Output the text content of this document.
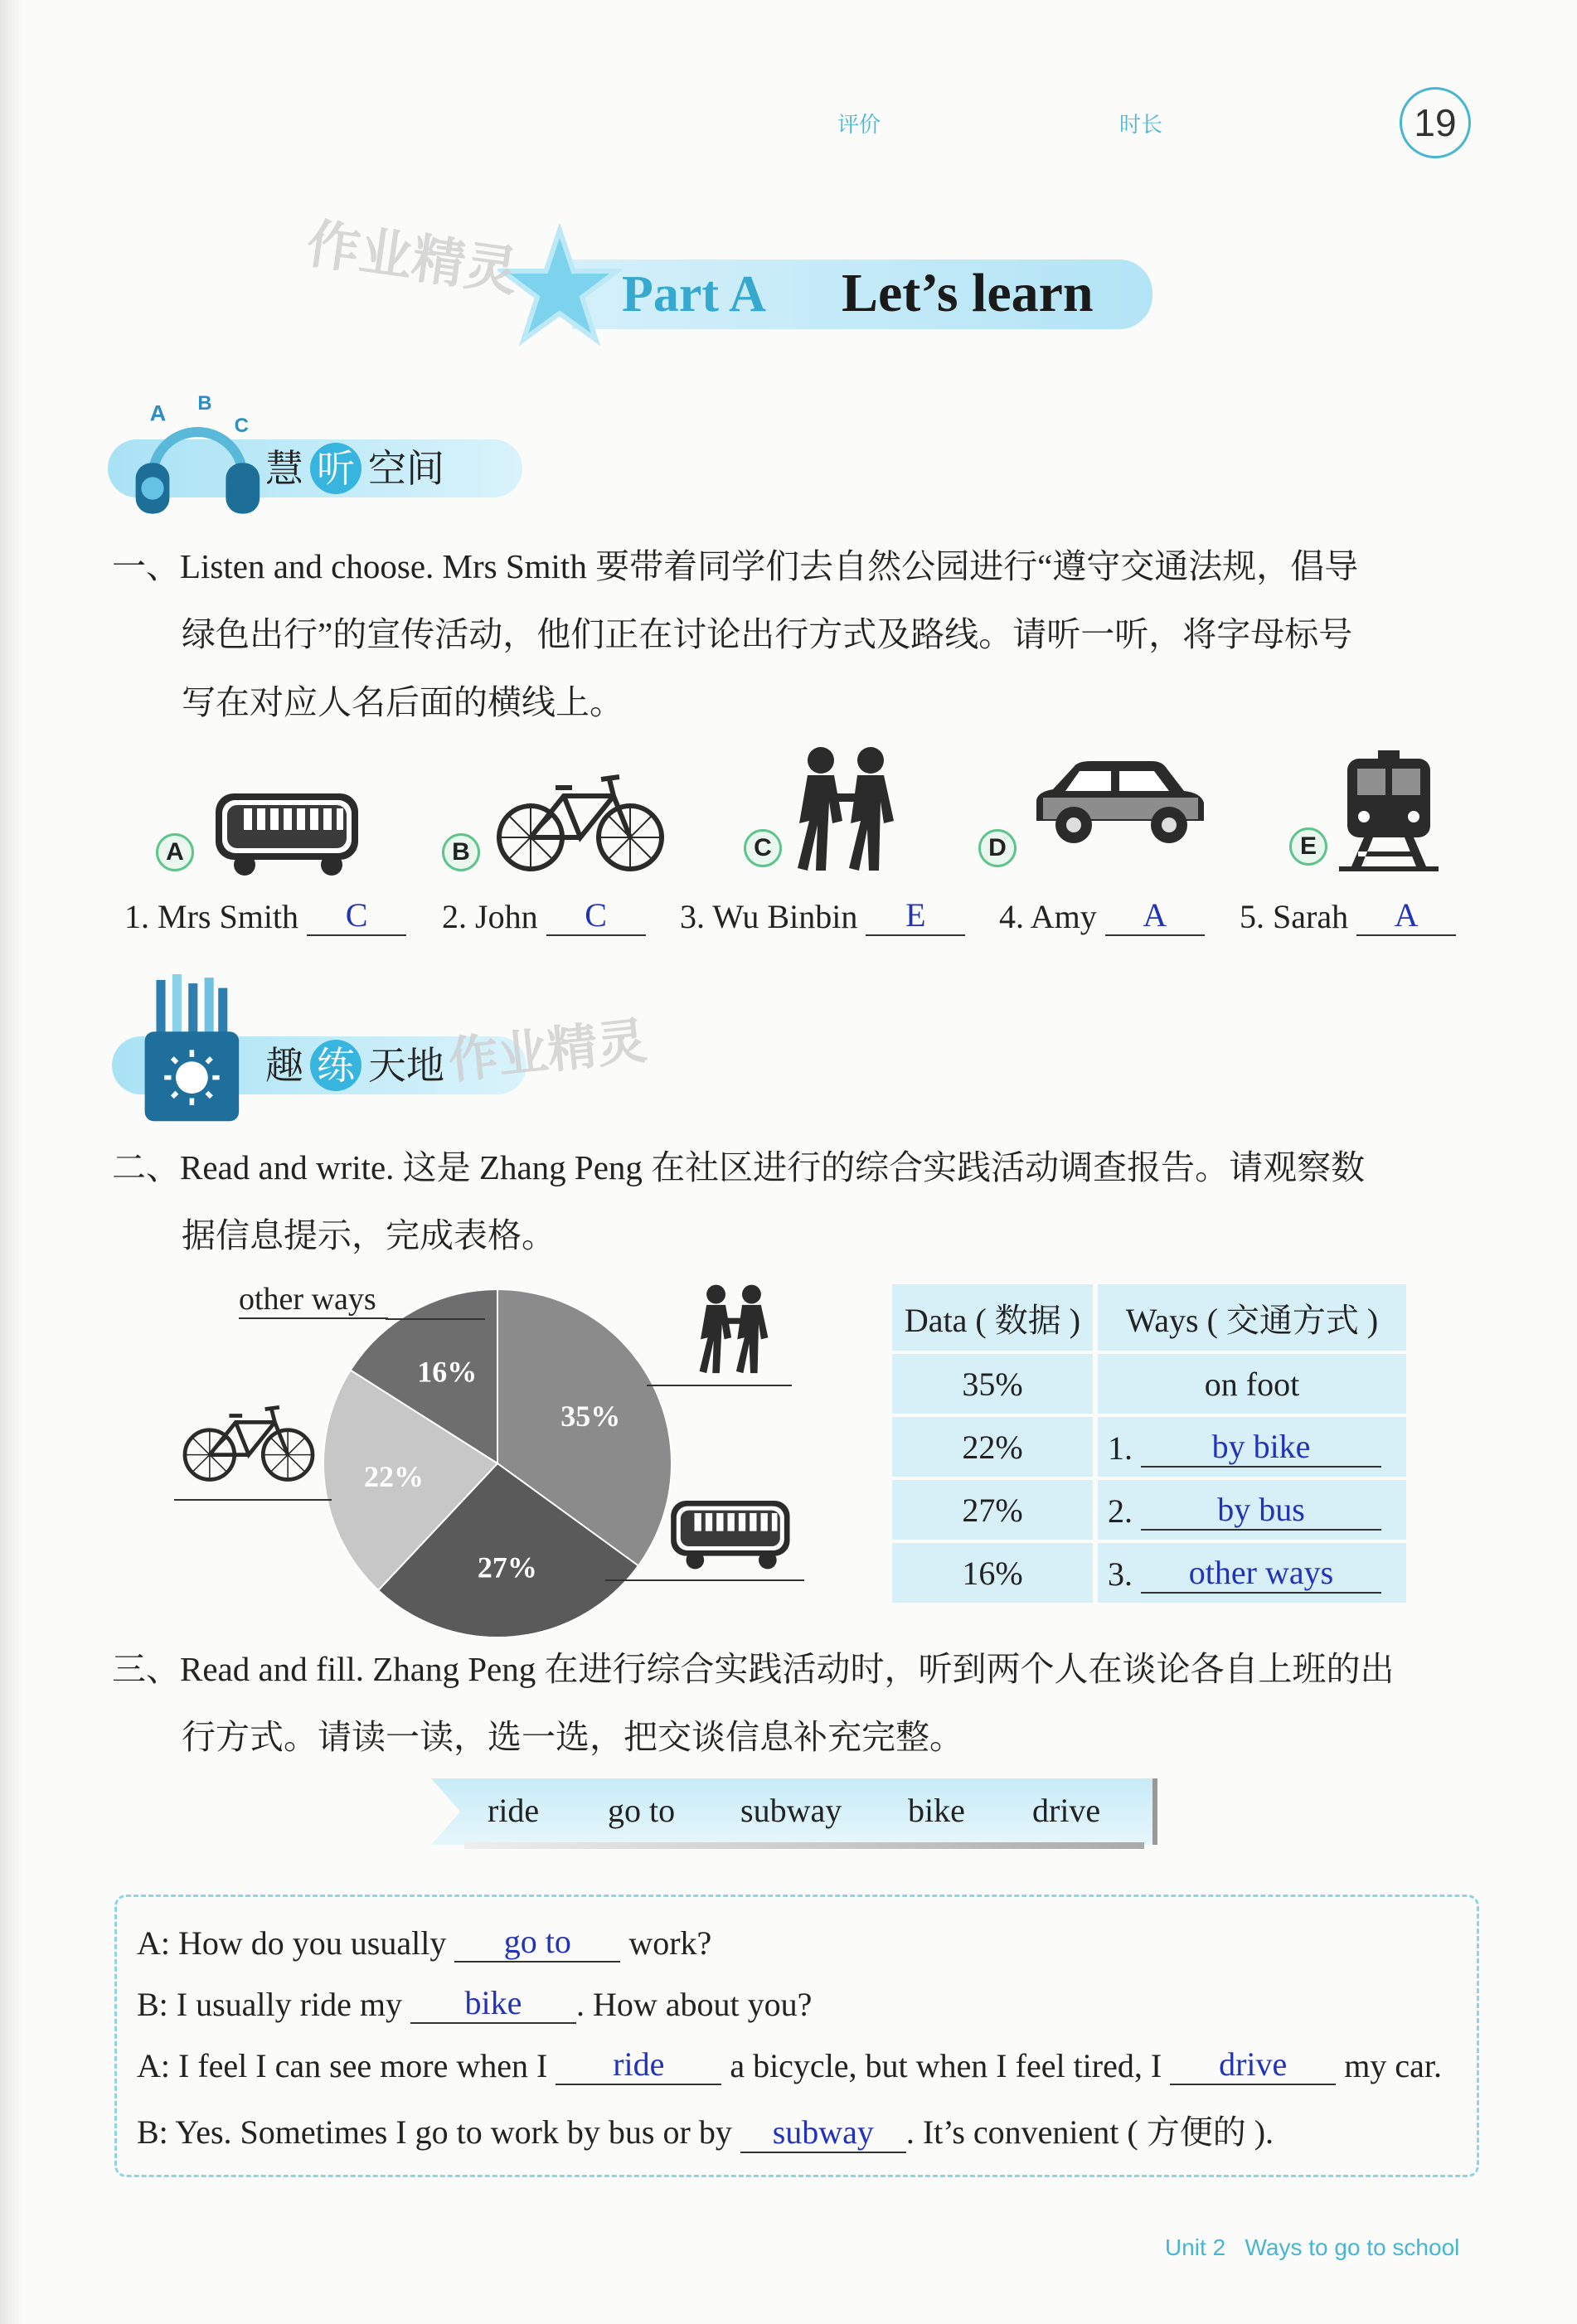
评价	时长	19
Part A Let’s learn
作业精灵
A	B
C
慧 听 空间
一、Listen and choose. Mrs Smith 要带着同学们去自然公园进行“遵守交通法规，倡导
绿色出行”的宣传活动，他们正在讨论出行方式及路线。请听一听，将字母标号
写在对应人名后面的横线上。
A	B	C	D	E
1. Mrs Smith C	2. John C	3. Wu Binbin E	4. Amy A	5. Sarah A
趣 练 天地 作业精灵
二、Read and write. 这是 Zhang Peng 在社区进行的综合实践活动调查报告。请观察数
据信息提示，完成表格。
35%
27%
22%
16%
other ways
Data ( 数据 )	Ways ( 交通方式 )
35%	on foot
22%	1. by bike
27%	2. by bus
16%	3. other ways
三、Read and fill. Zhang Peng 在进行综合实践活动时，听到两个人在谈论各自上班的出
行方式。请读一读，选一选，把交谈信息补充完整。
ride go to subway bike drive
A: How do you usually go to work?
B: I usually ride my bike . How about you?
A: I feel I can see more when I ride a bicycle, but when I feel tired, I drive my car.
B: Yes. Sometimes I go to work by bus or by subway . It’s convenient ( 方便的 ).
Unit 2 Ways to go to school
